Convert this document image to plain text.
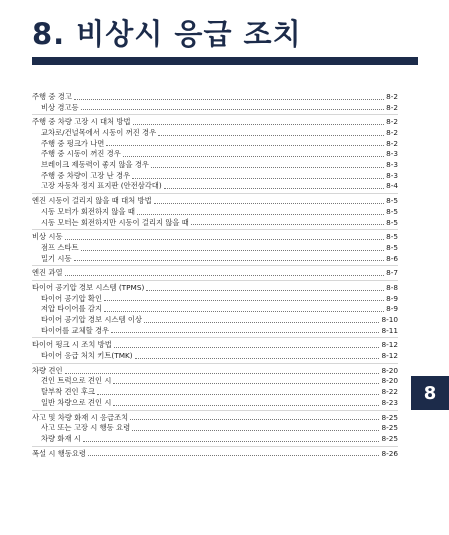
8. 비상시 응급 조치
주행 중 경고	8-2
비상 경고등	8-2
주행 중 차량 고장 시 대처 방법	8-2
교차로/건널목에서 시동이 꺼진 경우	8-2
주행 중 펑크가 나면	8-2
주행 중 시동이 꺼진 경우	8-3
브레이크 제동력이 좋지 않을 경우	8-3
주행 중 차량이 고장 난 경우	8-3
고장 자동차 정지 표지판 (안전삼각대)	8-4
엔진 시동이 걸리지 않을 때 대처 방법	8-5
시동 모터가 회전하지 않을 때	8-5
시동 모터는 회전하지만 시동이 걸리지 않을 때	8-5
비상 시동	8-5
점프 스타트	8-5
밀기 시동	8-6
엔진 과열	8-7
타이어 공기압 경보 시스템 (TPMS)	8-8
타이어 공기압 확인	8-9
저압 타이어를 감지	8-9
타이어 공기압 경보 시스템 이상	8-10
타이어를 교체할 경우	8-11
타이어 펑크 시 조치 방법	8-12
타이어 응급 처치 키트(TMK)	8-12
차량 견인	8-20
견인 트럭으로 견인 시	8-20
탈부착 견인 후크	8-22
일반 차량으로 견인 시	8-23
사고 및 차량 화재 시 응급조치	8-25
사고 또는 고장 시 행동 요령	8-25
차량 화재 시	8-25
폭설 시 행동요령	8-26
8
